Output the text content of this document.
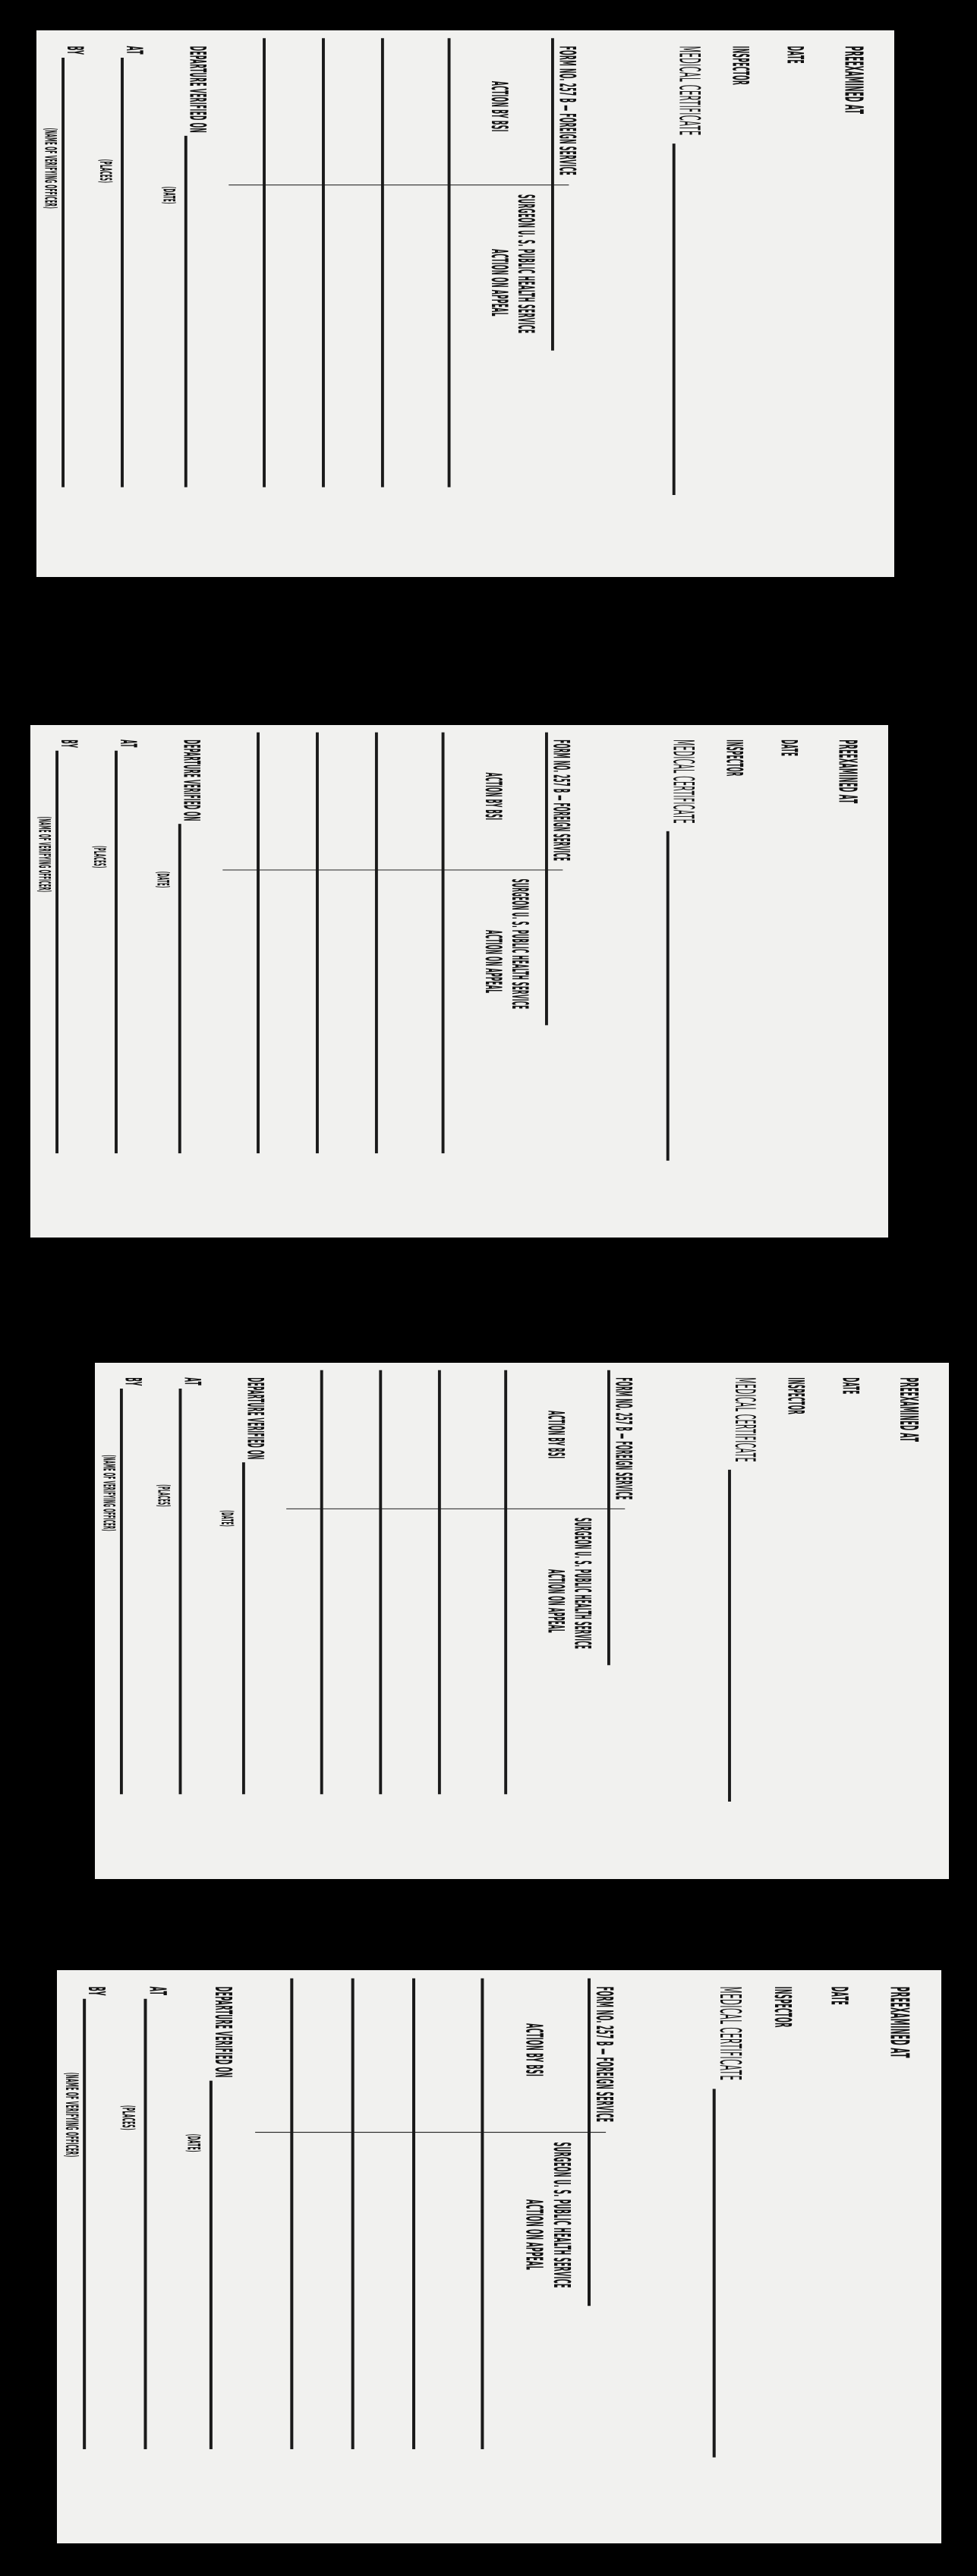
PREEXAMINED AT
DATE
INSPECTOR
MEDICAL CERTIFICATE
FORM NO. 257 B — FOREIGN SERVICE
ACTION BY BSI
SURGEON U. S. PUBLIC HEALTH SERVICE
ACTION ON APPEAL
DEPARTURE VERIFIED ON
(DATE)
AT
(PLACES)
BY
(NAME OF VERIFYING OFFICER)
PREEXAMINED AT
DATE
INSPECTOR
MEDICAL CERTIFICATE
FORM NO. 257 B — FOREIGN SERVICE
ACTION BY BSI
SURGEON U. S. PUBLIC HEALTH SERVICE
ACTION ON APPEAL
DEPARTURE VERIFIED ON
(DATE)
AT
(PLACES)
BY
(NAME OF VERIFYING OFFICER)
PREEXAMINED AT
DATE
INSPECTOR
MEDICAL CERTIFICATE
FORM NO. 257 B — FOREIGN SERVICE
ACTION BY BSI
SURGEON U. S. PUBLIC HEALTH SERVICE
ACTION ON APPEAL
DEPARTURE VERIFIED ON
(DATE)
AT
(PLACES)
BY
(NAME OF VERIFYING OFFICER)
PREEXAMINED AT
DATE
INSPECTOR
MEDICAL CERTIFICATE
FORM NO. 257 B — FOREIGN SERVICE
ACTION BY BSI
SURGEON U. S. PUBLIC HEALTH SERVICE
ACTION ON APPEAL
DEPARTURE VERIFIED ON
(DATE)
AT
(PLACES)
BY
(NAME OF VERIFYING OFFICER)
